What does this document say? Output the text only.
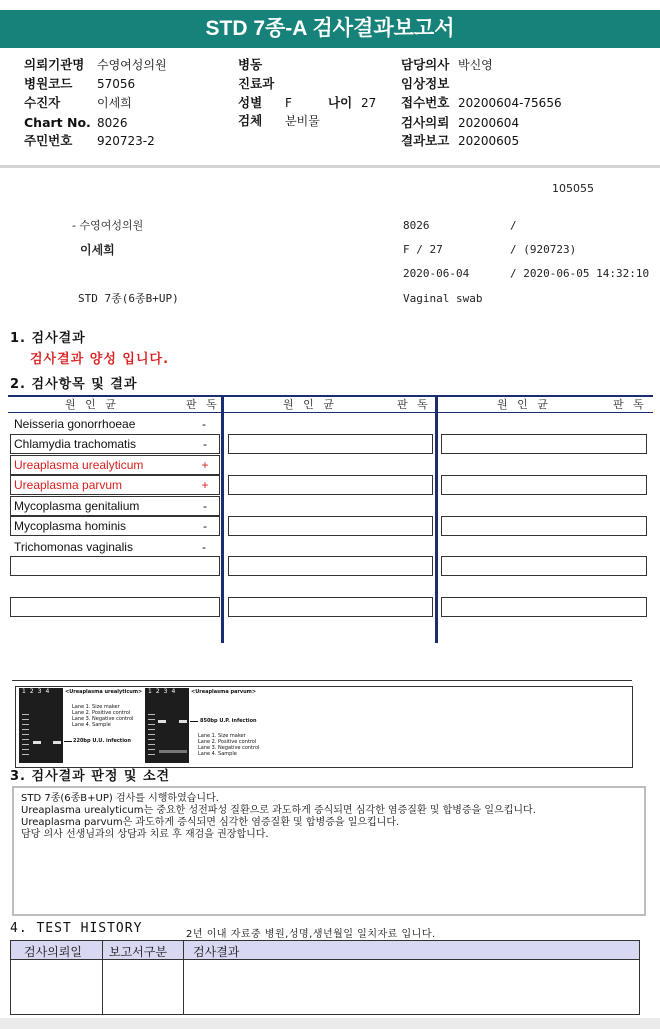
STD 7종-A 검사결과보고서
의뢰기관명 수영여성의원
병원코드 57056
수진자	이세희
Chart No. 8026
주민번호 920723-2
병동
진료과
성별 F	나이 27
검체 분비물
담당의사 박신영
임상정보
접수번호 20200604-75656
검사의뢰 20200604
결과보고 20200605
105055
- 수영여성의원	8026	/
이세희	F / 27	/ (920723)
2020-06-04	/ 2020-06-05 14:32:10
STD 7종(6종B+UP)	Vaginal swab
1. 검사결과
검사결과 양성 입니다.
2. 검사항목 및 결과
원 인 균	판 독	원 인 균	판 독	원 인 균	판 독
Neisseria gonorrhoeae	-
Chlamydia trachomatis	-
Ureaplasma urealyticum	+
Ureaplasma parvum	+
Mycoplasma genitalium	-
Mycoplasma hominis	-
Trichomonas vaginalis	-
1234 <Ureaplasma urealyticum>
Lane 1. Size maker
Lane 2. Positive control
Lane 3. Negative control
Lane 4. Sample
220bp U.U. infection
1234 <Ureaplasma parvum>
850bp U.P. infection
Lane 1. Size maker
Lane 2. Positive control
Lane 3. Negative control
Lane 4. Sample
3. 검사결과 판정 및 소견
STD 7종(6종B+UP) 검사를 시행하였습니다.
Ureaplasma urealyticum는 중요한 성전파성 질환으로 과도하게 증식되면 심각한 염증질환 및 합병증을 일으킵니다.
Ureaplasma parvum은 과도하게 증식되면 심각한 염증질환 및 합병증을 일으킵니다.
담당 의사 선생님과의 상담과 치료 후 재검을 권장합니다.
4. TEST HISTORY	2년 이내 자료중 병원,성명,생년월일 일치자료 입니다.
검사의뢰일 보고서구분 검사결과
